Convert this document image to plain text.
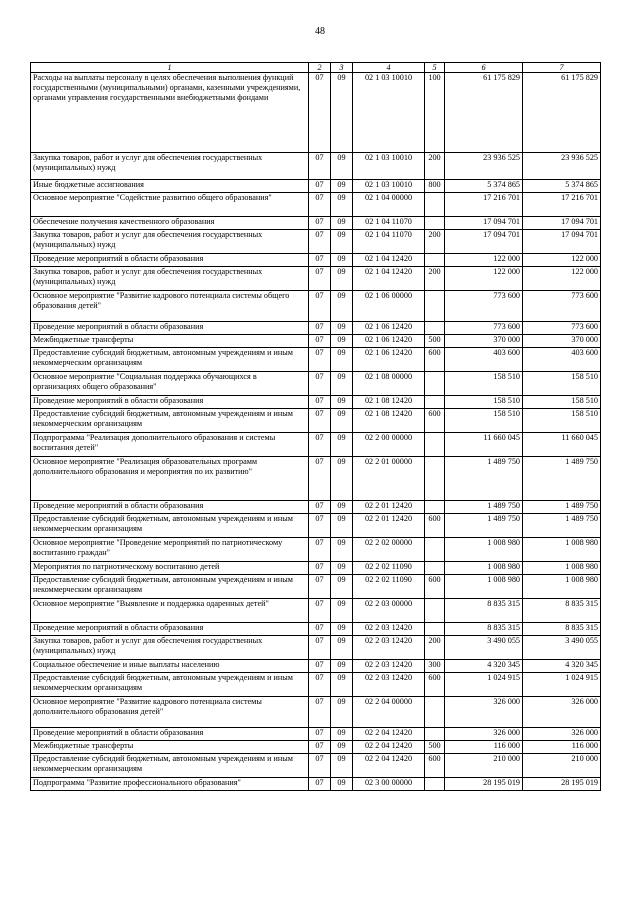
48
1	2	3	4	5	6	7
Расходы на выплаты персоналу в целях обеспечения выполнения функций государственными (муниципальными) органами, казенными учреждениями, органами управления государственными внебюджетными фондами	07	09	02 1 03 10010	100	61 175 829	61 175 829
Закупка товаров, работ и услуг для обеспечения государственных (муниципальных) нужд	07	09	02 1 03 10010	200	23 936 525	23 936 525
Иные бюджетные ассигнования	07	09	02 1 03 10010	800	5 374 865	5 374 865
Основное мероприятие "Содействие развитию общего образования"	07	09	02 1 04 00000		17 216 701	17 216 701
Обеспечение получения качественного образования	07	09	02 1 04 11070		17 094 701	17 094 701
Закупка товаров, работ и услуг для обеспечения государственных (муниципальных) нужд	07	09	02 1 04 11070	200	17 094 701	17 094 701
Проведение мероприятий в области образования	07	09	02 1 04 12420		122 000	122 000
Закупка товаров, работ и услуг для обеспечения государственных (муниципальных) нужд	07	09	02 1 04 12420	200	122 000	122 000
Основное мероприятие "Развитие кадрового потенциала системы общего образования детей"	07	09	02 1 06 00000		773 600	773 600
Проведение мероприятий в области образования	07	09	02 1 06 12420		773 600	773 600
Межбюджетные трансферты	07	09	02 1 06 12420	500	370 000	370 000
Предоставление субсидий бюджетным, автономным учреждениям и иным некоммерческим организациям	07	09	02 1 06 12420	600	403 600	403 600
Основное мероприятие "Социальная поддержка обучающихся в организациях общего образования"	07	09	02 1 08 00000		158 510	158 510
Проведение мероприятий в области образования	07	09	02 1 08 12420		158 510	158 510
Предоставление субсидий бюджетным, автономным учреждениям и иным некоммерческим организациям	07	09	02 1 08 12420	600	158 510	158 510
Подпрограмма "Реализация дополнительного образования и системы воспитания детей"	07	09	02 2 00 00000		11 660 045	11 660 045
Основное мероприятие "Реализация образовательных программ дополнительного образования и мероприятия по их развитию"	07	09	02 2 01 00000		1 489 750	1 489 750
Проведение мероприятий в области образования	07	09	02 2 01 12420		1 489 750	1 489 750
Предоставление субсидий бюджетным, автономным учреждениям и иным некоммерческим организациям	07	09	02 2 01 12420	600	1 489 750	1 489 750
Основное мероприятие "Проведение мероприятий по патриотическому воспитанию граждан"	07	09	02 2 02 00000		1 008 980	1 008 980
Мероприятия по патриотическому воспитанию детей	07	09	02 2 02 11090		1 008 980	1 008 980
Предоставление субсидий бюджетным, автономным учреждениям и иным некоммерческим организациям	07	09	02 2 02 11090	600	1 008 980	1 008 980
Основное мероприятие "Выявление и поддержка одаренных детей"	07	09	02 2 03 00000		8 835 315	8 835 315
Проведение мероприятий в области образования	07	09	02 2 03 12420		8 835 315	8 835 315
Закупка товаров, работ и услуг для обеспечения государственных (муниципальных) нужд	07	09	02 2 03 12420	200	3 490 055	3 490 055
Социальное обеспечение и иные выплаты населению	07	09	02 2 03 12420	300	4 320 345	4 320 345
Предоставление субсидий бюджетным, автономным учреждениям и иным некоммерческим организациям	07	09	02 2 03 12420	600	1 024 915	1 024 915
Основное мероприятие "Развитие кадрового потенциала системы дополнительного образования детей"	07	09	02 2 04 00000		326 000	326 000
Проведение мероприятий в области образования	07	09	02 2 04 12420		326 000	326 000
Межбюджетные трансферты	07	09	02 2 04 12420	500	116 000	116 000
Предоставление субсидий бюджетным, автономным учреждениям и иным некоммерческим организациям	07	09	02 2 04 12420	600	210 000	210 000
Подпрограмма "Развитие профессионального образования"	07	09	02 3 00 00000		28 195 019	28 195 019
